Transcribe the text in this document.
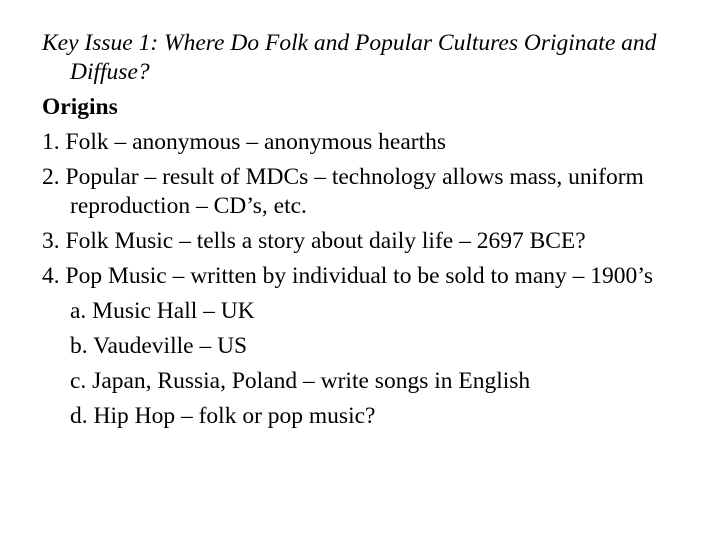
Key Issue 1: Where Do Folk and Popular Cultures Originate and Diffuse?

Origins

1. Folk – anonymous – anonymous hearths

2. Popular – result of MDCs – technology allows mass, uniform reproduction – CD’s, etc.

3. Folk Music – tells a story about daily life – 2697 BCE?

4. Pop Music – written by individual to be sold to many – 1900’s

a. Music Hall – UK

b. Vaudeville – US

c. Japan, Russia, Poland – write songs in English

d. Hip Hop – folk or pop music?
